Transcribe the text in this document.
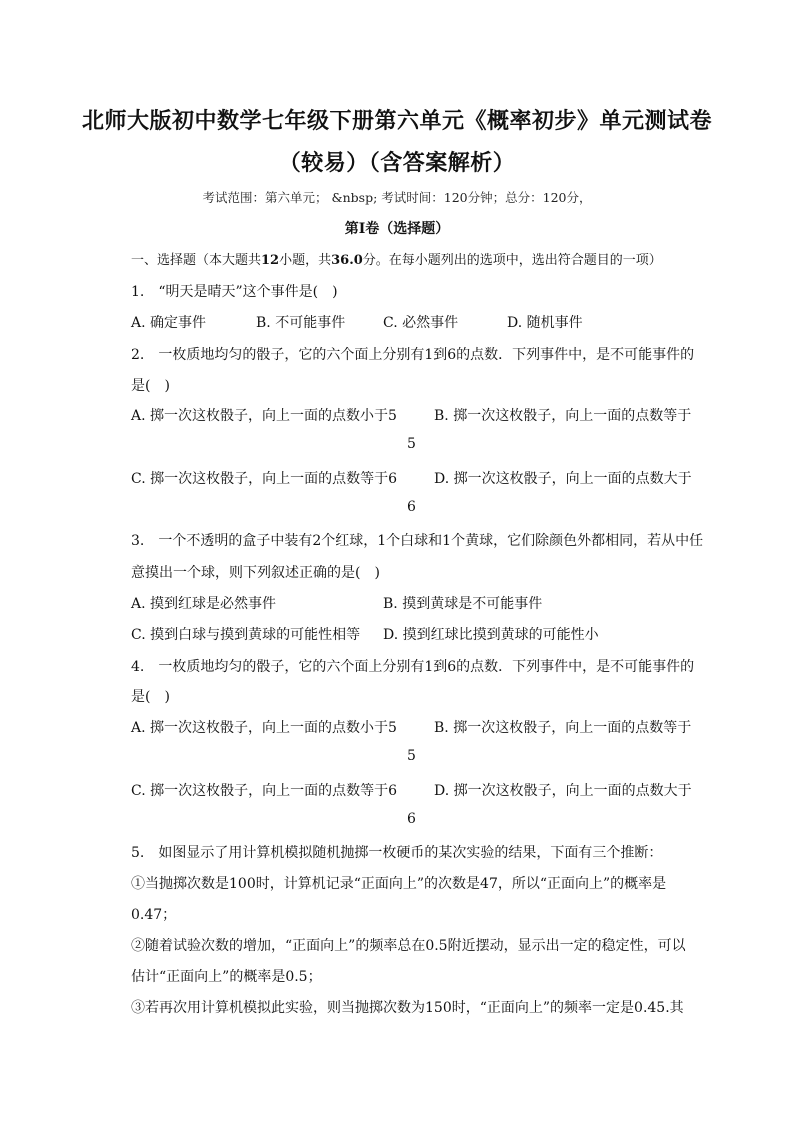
北师大版初中数学七年级下册第六单元《概率初步》单元测试卷
（较易）（含答案解析）
考试范围：第六单元； &nbsp; 考试时间：120分钟；总分：120分，
第I卷（选择题）
一、选择题（本大题共12小题，共36.0分。在每小题列出的选项中，选出符合题目的一项）
1.　“明天是晴天”这个事件是(　)
A. 确定事件	B. 不可能事件	C. 必然事件	D. 随机事件
2.　一枚质地均匀的骰子，它的六个面上分别有1到6的点数．下列事件中，是不可能事件的
是(　)
A. 掷一次这枚骰子，向上一面的点数小于5	B. 掷一次这枚骰子，向上一面的点数等于
5
C. 掷一次这枚骰子，向上一面的点数等于6	D. 掷一次这枚骰子，向上一面的点数大于
6
3.　一个不透明的盒子中装有2个红球，1个白球和1个黄球，它们除颜色外都相同，若从中任
意摸出一个球，则下列叙述正确的是(　)
A. 摸到红球是必然事件	B. 摸到黄球是不可能事件
C. 摸到白球与摸到黄球的可能性相等 D. 摸到红球比摸到黄球的可能性小
4.　一枚质地均匀的骰子，它的六个面上分别有1到6的点数．下列事件中，是不可能事件的
是(　)
A. 掷一次这枚骰子，向上一面的点数小于5	B. 掷一次这枚骰子，向上一面的点数等于
5
C. 掷一次这枚骰子，向上一面的点数等于6	D. 掷一次这枚骰子，向上一面的点数大于
6
5.　如图显示了用计算机模拟随机抛掷一枚硬币的某次实验的结果，下面有三个推断：
①当抛掷次数是100时，计算机记录“正面向上”的次数是47，所以“正面向上”的概率是
0.47；
②随着试验次数的增加，“正面向上”的频率总在0.5附近摆动，显示出一定的稳定性，可以
估计“正面向上”的概率是0.5；
③若再次用计算机模拟此实验，则当抛掷次数为150时，“正面向上”的频率一定是0.45.其
